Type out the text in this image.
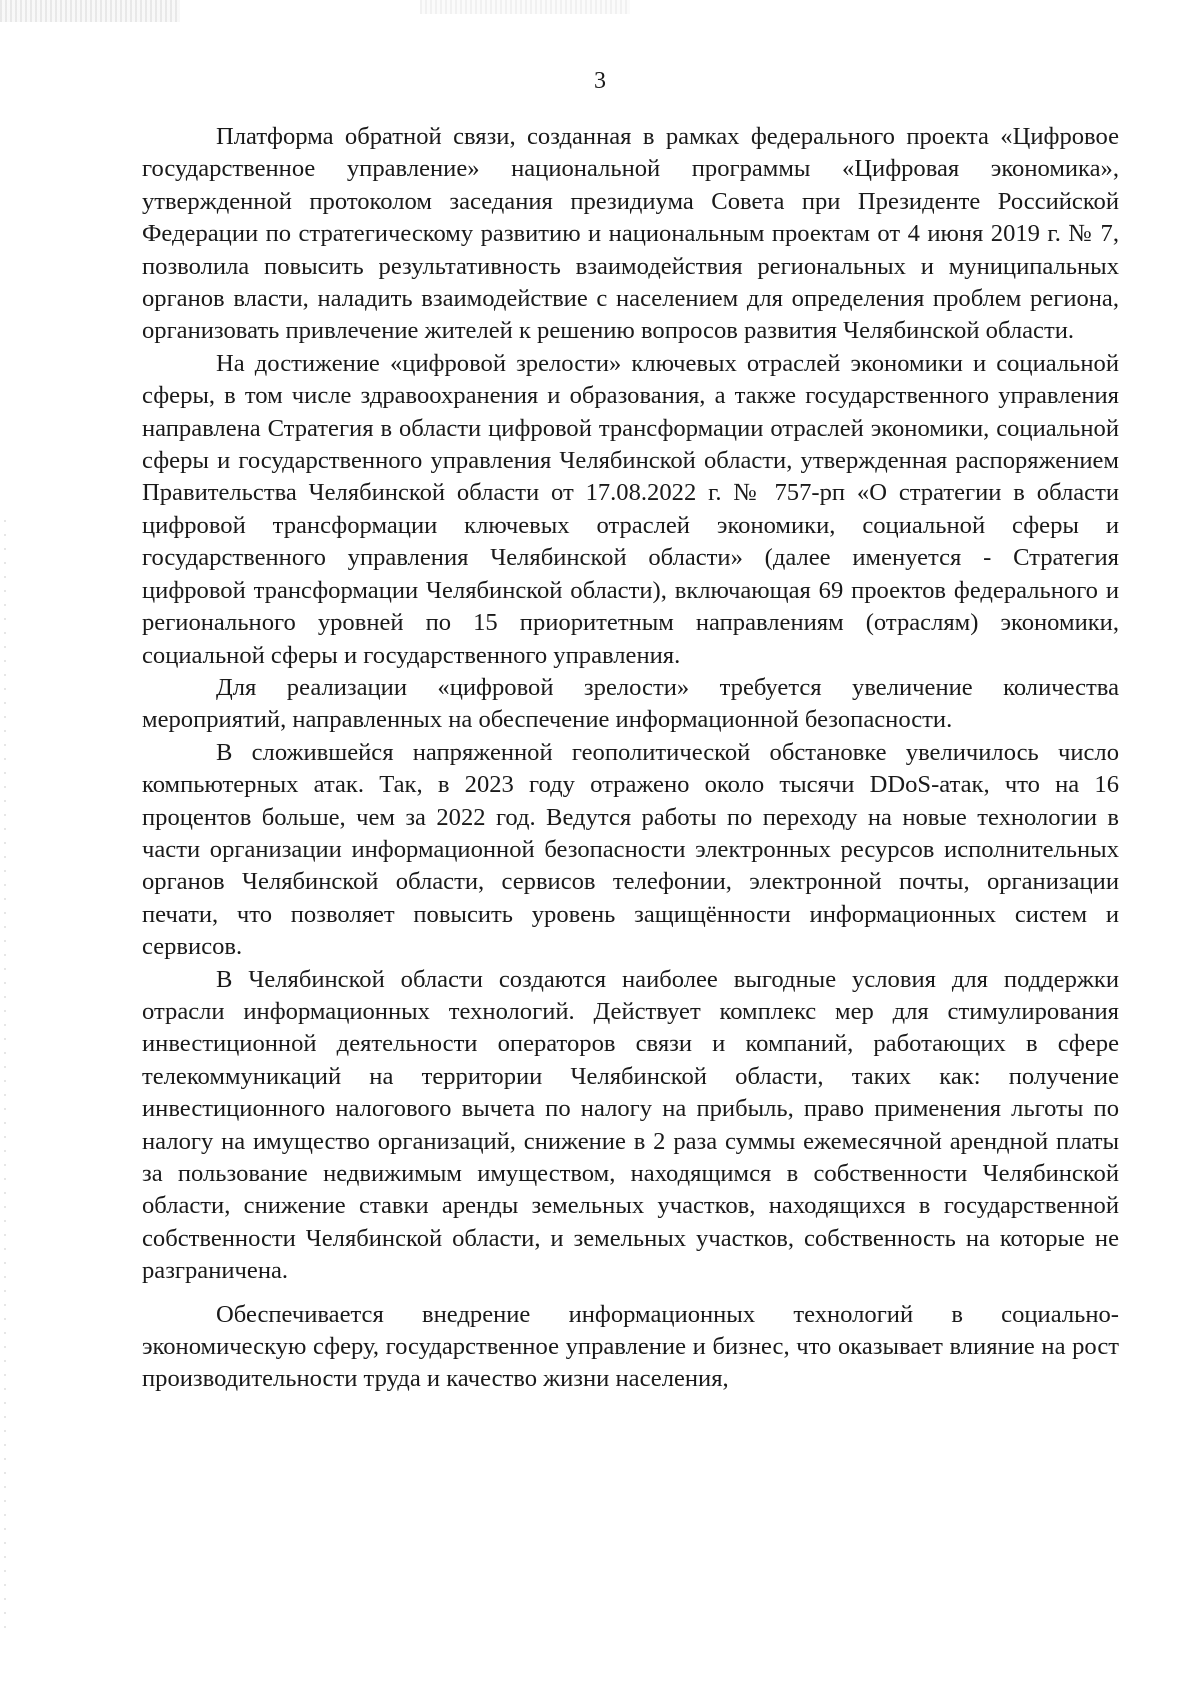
3

Платформа обратной связи, созданная в рамках федерального проекта «Цифровое государственное управление» национальной программы «Цифровая экономика», утвержденной протоколом заседания президиума Совета при Президенте Российской Федерации по стратегическому развитию и национальным проектам от 4 июня 2019 г. № 7, позволила повысить результативность взаимодействия региональных и муниципальных органов власти, наладить взаимодействие с населением для определения проблем региона, организовать привлечение жителей к решению вопросов развития Челябинской области.

На достижение «цифровой зрелости» ключевых отраслей экономики и социальной сферы, в том числе здравоохранения и образования, а также государственного управления направлена Стратегия в области цифровой трансформации отраслей экономики, социальной сферы и государственного управления Челябинской области, утвержденная распоряжением Правительства Челябинской области от 17.08.2022 г. № 757-рп «О стратегии в области цифровой трансформации ключевых отраслей экономики, социальной сферы и государственного управления Челябинской области» (далее именуется - Стратегия цифровой трансформации Челябинской области), включающая 69 проектов федерального и регионального уровней по 15 приоритетным направлениям (отраслям) экономики, социальной сферы и государственного управления.

Для реализации «цифровой зрелости» требуется увеличение количества мероприятий, направленных на обеспечение информационной безопасности.

В сложившейся напряженной геополитической обстановке увеличилось число компьютерных атак. Так, в 2023 году отражено около тысячи DDoS-атак, что на 16 процентов больше, чем за 2022 год. Ведутся работы по переходу на новые технологии в части организации информационной безопасности электронных ресурсов исполнительных органов Челябинской области, сервисов телефонии, электронной почты, организации печати, что позволяет повысить уровень защищённости информационных систем и сервисов.

В Челябинской области создаются наиболее выгодные условия для поддержки отрасли информационных технологий. Действует комплекс мер для стимулирования инвестиционной деятельности операторов связи и компаний, работающих в сфере телекоммуникаций на территории Челябинской области, таких как: получение инвестиционного налогового вычета по налогу на прибыль, право применения льготы по налогу на имущество организаций, снижение в 2 раза суммы ежемесячной арендной платы за пользование недвижимым имуществом, находящимся в собственности Челябинской области, снижение ставки аренды земельных участков, находящихся в государственной собственности Челябинской области, и земельных участков, собственность на которые не разграничена.

Обеспечивается внедрение информационных технологий в социально-экономическую сферу, государственное управление и бизнес, что оказывает влияние на рост производительности труда и качество жизни населения,
